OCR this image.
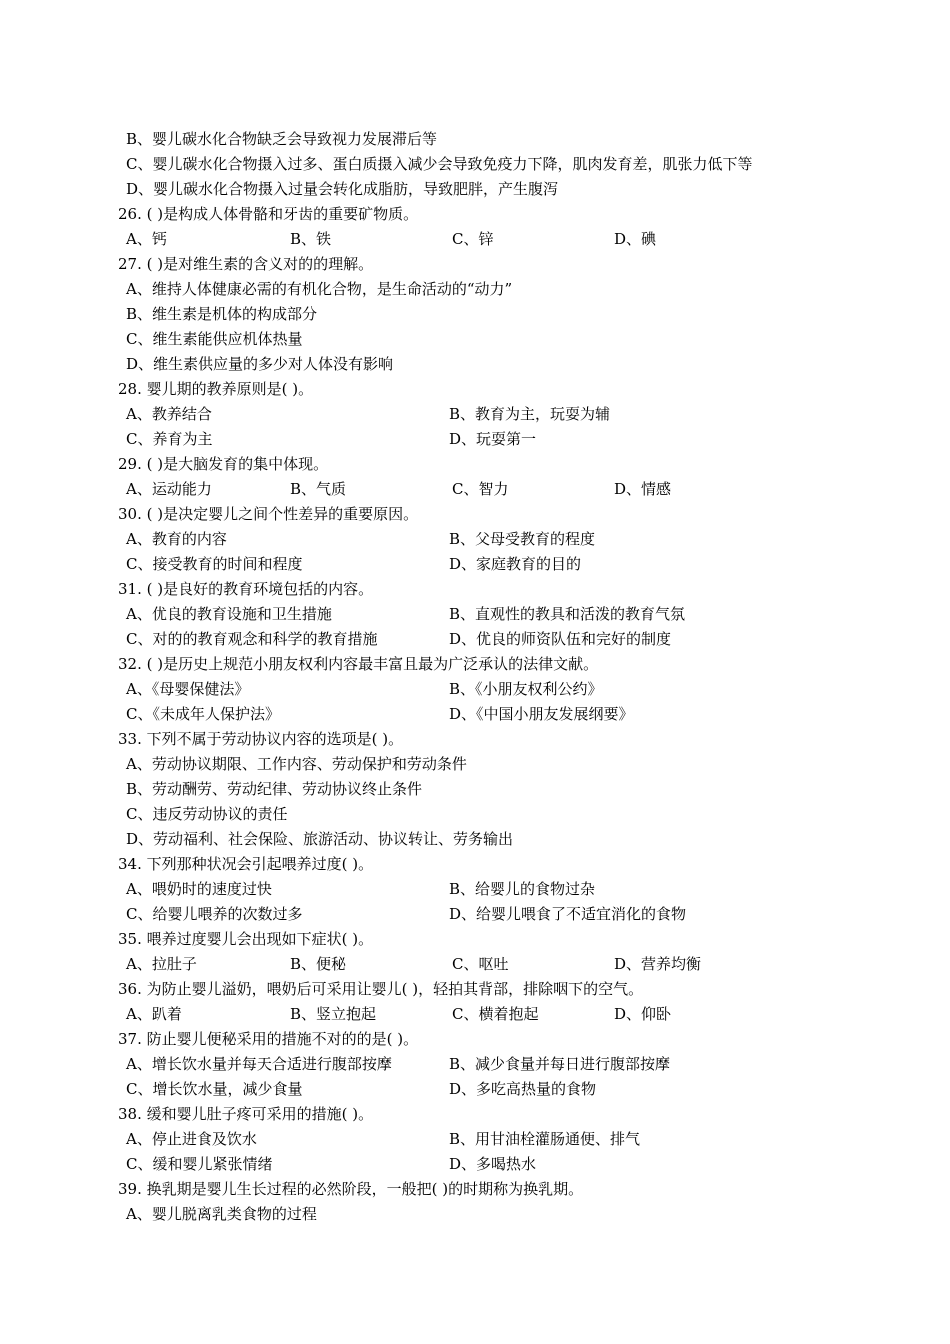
B、婴儿碳水化合物缺乏会导致视力发展滞后等
C、婴儿碳水化合物摄入过多、蛋白质摄入减少会导致免疫力下降，肌肉发育差，肌张力低下等
D、婴儿碳水化合物摄入过量会转化成脂肪，导致肥胖，产生腹泻
26. ( )是构成人体骨骼和牙齿的重要矿物质。
A、钙	B、铁	C、锌	D、碘
27. ( )是对维生素的含义对的的理解。
A、维持人体健康必需的有机化合物，是生命活动的“动力”
B、维生素是机体的构成部分
C、维生素能供应机体热量
D、维生素供应量的多少对人体没有影响
28. 婴儿期的教养原则是( )。
A、教养结合	B、教育为主，玩耍为辅
C、养育为主	D、玩耍第一
29. ( )是大脑发育的集中体现。
A、运动能力	B、气质	C、智力	D、情感
30. ( )是决定婴儿之间个性差异的重要原因。
A、教育的内容	B、父母受教育的程度
C、接受教育的时间和程度	D、家庭教育的目的
31. ( )是良好的教育环境包括的内容。
A、优良的教育设施和卫生措施	B、直观性的教具和活泼的教育气氛
C、对的的教育观念和科学的教育措施	D、优良的师资队伍和完好的制度
32. ( )是历史上规范小朋友权利内容最丰富且最为广泛承认的法律文献。
A、《母婴保健法》	B、《小朋友权利公约》
C、《未成年人保护法》	D、《中国小朋友发展纲要》
33. 下列不属于劳动协议内容的选项是( )。
A、劳动协议期限、工作内容、劳动保护和劳动条件
B、劳动酬劳、劳动纪律、劳动协议终止条件
C、违反劳动协议的责任
D、劳动福利、社会保险、旅游活动、协议转让、劳务输出
34. 下列那种状况会引起喂养过度( )。
A、喂奶时的速度过快	B、给婴儿的食物过杂
C、给婴儿喂养的次数过多	D、给婴儿喂食了不适宜消化的食物
35. 喂养过度婴儿会出现如下症状( )。
A、拉肚子	B、便秘	C、呕吐	D、营养均衡
36. 为防止婴儿溢奶，喂奶后可采用让婴儿( )，轻拍其背部，排除咽下的空气。
A、趴着	B、竖立抱起	C、横着抱起	D、仰卧
37. 防止婴儿便秘采用的措施不对的的是( )。
A、增长饮水量并每天合适进行腹部按摩	B、减少食量并每日进行腹部按摩
C、增长饮水量，减少食量	D、多吃高热量的食物
38. 缓和婴儿肚子疼可采用的措施( )。
A、停止进食及饮水	B、用甘油栓灌肠通便、排气
C、缓和婴儿紧张情绪	D、多喝热水
39. 换乳期是婴儿生长过程的必然阶段，一般把( )的时期称为换乳期。
A、婴儿脱离乳类食物的过程
